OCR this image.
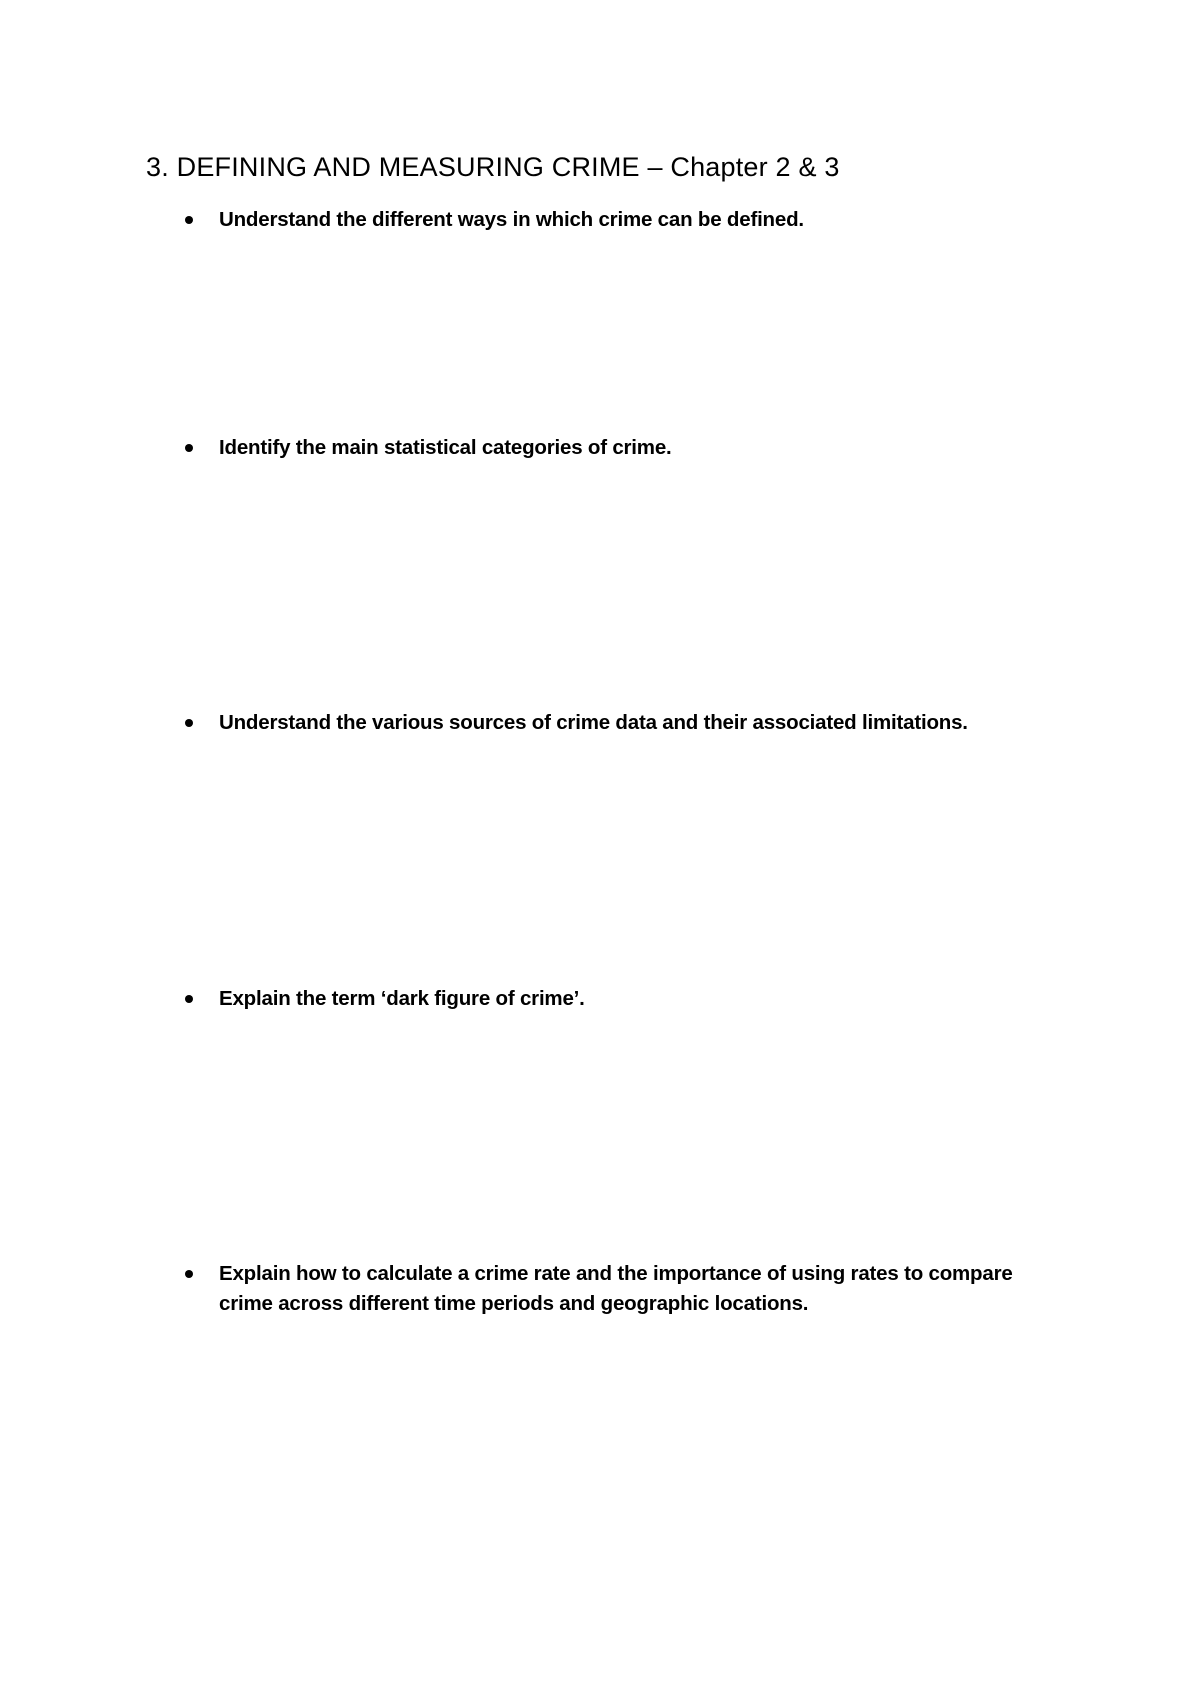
3. DEFINING AND MEASURING CRIME – Chapter 2 & 3
Understand the different ways in which crime can be defined.
Identify the main statistical categories of crime.
Understand the various sources of crime data and their associated limitations.
Explain the term ‘dark figure of crime’.
Explain how to calculate a crime rate and the importance of using rates to compare crime across different time periods and geographic locations.
